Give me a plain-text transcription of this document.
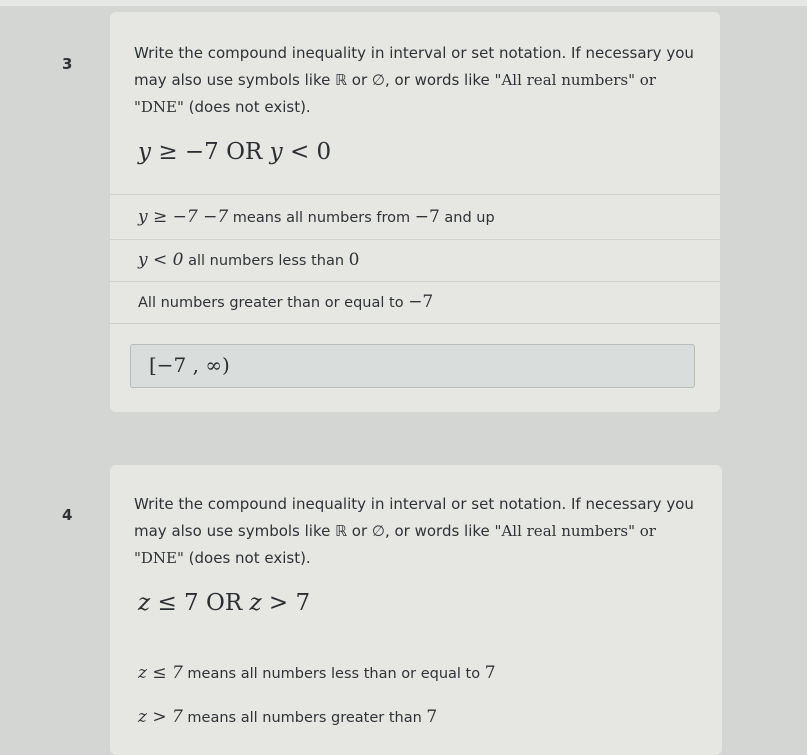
3
Write the compound inequality in interval or set notation. If necessary you may also use symbols like ℝ or ∅, or words like "All real numbers" or "DNE" (does not exist).
y ≥ −7 OR y < 0
y ≥ −7 −7 means all numbers from −7 and up
y < 0 all numbers less than 0
All numbers greater than or equal to −7
[−7 , ∞)
4
Write the compound inequality in interval or set notation. If necessary you may also use symbols like ℝ or ∅, or words like "All real numbers" or "DNE" (does not exist).
z ≤ 7 OR z > 7
z ≤ 7 means all numbers less than or equal to 7
z > 7 means all numbers greater than 7
